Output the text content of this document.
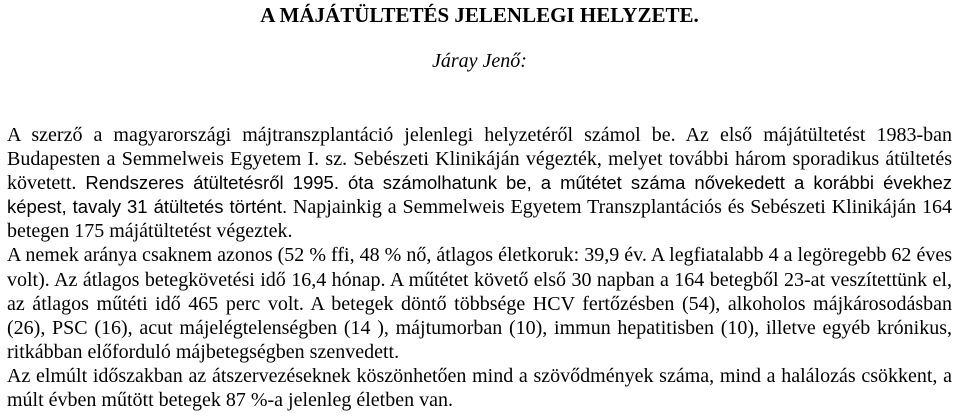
A MÁJÁTÜLTETÉS JELENLEGI HELYZETE.
Járay Jenő:

A szerző a magyarországi májtranszplantáció jelenlegi helyzetéről számol be. Az első májátültetést 1983-ban Budapesten a Semmelweis Egyetem I. sz. Sebészeti Klinikáján végezték, melyet további három sporadikus átültetés követett. Rendszeres átültetésről 1995. óta számolhatunk be, a műtétet száma nővekedett a korábbi évekhez képest, tavaly 31 átültetés történt. Napjainkig a Semmelweis Egyetem Transzplantációs és Sebészeti Klinikáján 164 betegen 175 májátültetést végeztek.

A nemek aránya csaknem azonos (52 % ffi, 48 % nő, átlagos életkoruk: 39,9 év. A legfiatalabb 4 a legöregebb 62 éves volt). Az átlagos betegkövetési idő 16,4 hónap. A műtétet követő első 30 napban a 164 betegből 23-at veszítettünk el, az átlagos műtéti idő 465 perc volt. A betegek döntő többsége HCV fertőzésben (54), alkoholos májkárosodásban (26), PSC (16), acut májelégtelenségben (14 ), májtumorban (10), immun hepatitisben (10), illetve egyéb krónikus, ritkábban előforduló májbetegségben szenvedett.

Az elmúlt időszakban az átszervezéseknek köszönhetően mind a szövődmények száma, mind a halálozás csökkent, a múlt évben műtött betegek 87 %-a jelenleg életben van.
